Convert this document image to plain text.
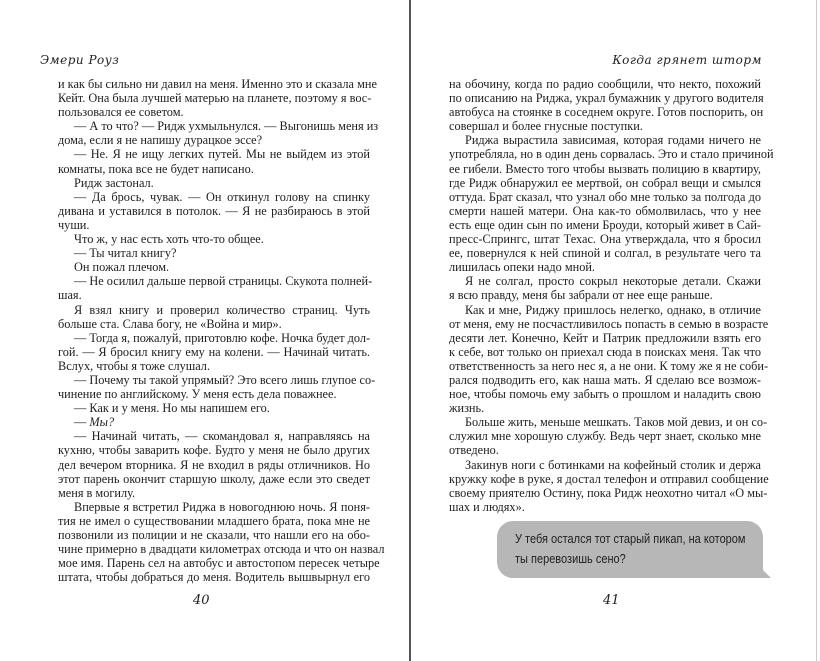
Эмери Роуз	Когда грянет шторм
и как бы сильно ни давил на меня. Именно это и сказала мне
Кейт. Она была лучшей матерью на планете, поэтому я вос-
пользовался ее советом.
— А то что? — Ридж ухмыльнулся. — Выгонишь меня из
дома, если я не напишу дурацкое эссе?
— Не. Я не ищу легких путей. Мы не выйдем из этой
комнаты, пока все не будет написано.
Ридж застонал.
— Да брось, чувак. — Он откинул голову на спинку
дивана и уставился в потолок. — Я не разбираюсь в этой
чуши.
Что ж, у нас есть хоть что-то общее.
— Ты читал книгу?
Он пожал плечом.
— Не осилил дальше первой страницы. Скукота полней-
шая.
Я взял книгу и проверил количество страниц. Чуть
больше ста. Слава богу, не «Война и мир».
— Тогда я, пожалуй, приготовлю кофе. Ночка будет дол-
гой. — Я бросил книгу ему на колени. — Начинай читать.
Вслух, чтобы я тоже слушал.
— Почему ты такой упрямый? Это всего лишь глупое со-
чинение по английскому. У меня есть дела поважнее.
— Как и у меня. Но мы напишем его.
— Мы?
— Начинай читать, — скомандовал я, направляясь на
кухню, чтобы заварить кофе. Будто у меня не было других
дел вечером вторника. Я не входил в ряды отличников. Но
этот парень окончит старшую школу, даже если это сведет
меня в могилу.
Впервые я встретил Риджа в новогоднюю ночь. Я поня-
тия не имел о существовании младшего брата, пока мне не
позвонили из полиции и не сказали, что нашли его на обо-
чине примерно в двадцати километрах отсюда и что он назвал
мое имя. Парень сел на автобус и автостопом пересек четыре
штата, чтобы добраться до меня. Водитель вышвырнул его
на обочину, когда по радио сообщили, что некто, похожий
по описанию на Риджа, украл бумажник у другого водителя
автобуса на стоянке в соседнем округе. Готов поспорить, он
совершал и более гнусные поступки.
Риджа вырастила зависимая, которая годами ничего не
употребляла, но в один день сорвалась. Это и стало причиной
ее гибели. Вместо того чтобы вызвать полицию в квартиру,
где Ридж обнаружил ее мертвой, он собрал вещи и смылся
оттуда. Брат сказал, что узнал обо мне только за полгода до
смерти нашей матери. Она как-то обмолвилась, что у нее
есть еще один сын по имени Броуди, который живет в Сай-
пресс-Спрингс, штат Техас. Она утверждала, что я бросил
ее, повернулся к ней спиной и солгал, в результате чего та
лишилась опеки надо мной.
Я не солгал, просто сокрыл некоторые детали. Скажи
я всю правду, меня бы забрали от нее еще раньше.
Как и мне, Риджу пришлось нелегко, однако, в отличие
от меня, ему не посчастливилось попасть в семью в возрасте
десяти лет. Конечно, Кейт и Патрик предложили взять его
к себе, вот только он приехал сюда в поисках меня. Так что
ответственность за него нес я, а не они. К тому же я не соби-
рался подводить его, как наша мать. Я сделаю все возмож-
ное, чтобы помочь ему забыть о прошлом и наладить свою
жизнь.
Больше жить, меньше мешкать. Таков мой девиз, и он со-
служил мне хорошую службу. Ведь черт знает, сколько мне
отведено.
Закинув ноги с ботинками на кофейный столик и держа
кружку кофе в руке, я достал телефон и отправил сообщение
своему приятелю Остину, пока Ридж неохотно читал «О мы-
шах и людях».
У тебя остался тот старый пикап, на котором
ты перевозишь сено?
40	41
